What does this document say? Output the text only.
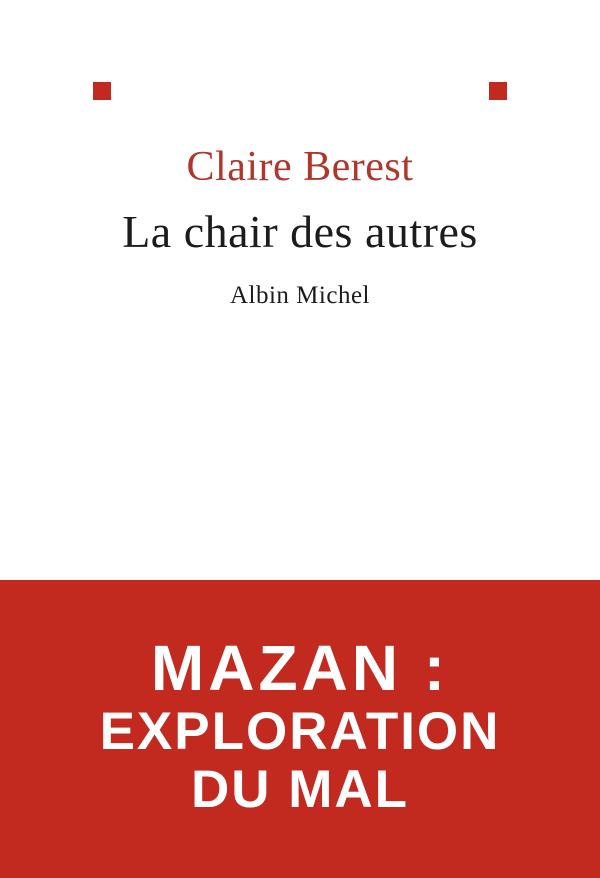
Claire Berest
La chair des autres
Albin Michel
MAZAN :
EXPLORATION
DU MAL
